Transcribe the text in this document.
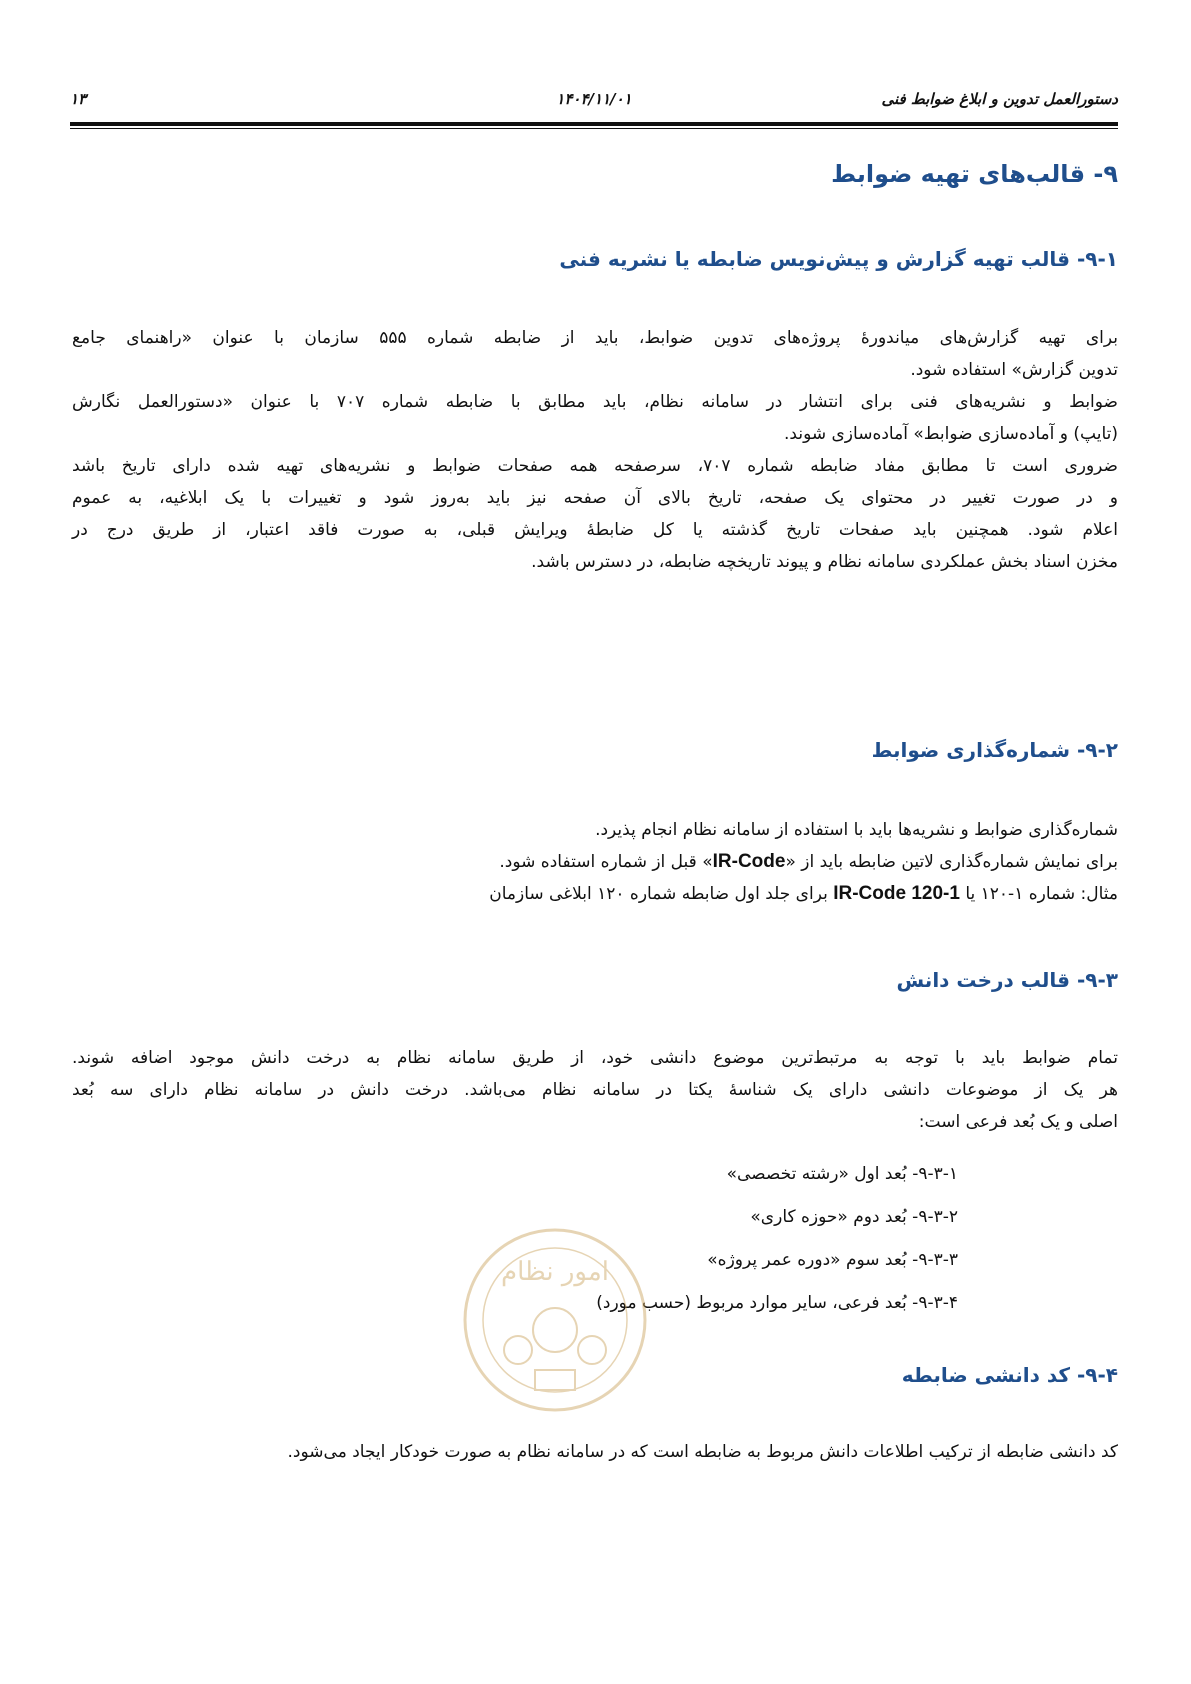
دستورالعمل تدوین و ابلاغ ضوابط فنی
۱۴۰۴/۱۱/۰۱
۱۳
۹- قالب‌های تهیه ضوابط
۹-۱- قالب تهیه گزارش و پیش‌نویس ضابطه یا نشریه فنی
برای تهیه گزارش‌های میاندورهٔ پروژه‌های تدوین ضوابط، باید از ضابطه شماره ۵۵۵ سازمان با عنوان «راهنمای جامع
تدوین گزارش» استفاده شود.
ضوابط و نشریه‌های فنی برای انتشار در سامانه نظام، باید مطابق با ضابطه شماره ۷۰۷ با عنوان «دستورالعمل نگارش
(تایپ) و آماده‌سازی ضوابط» آماده‌سازی شوند.
ضروری است تا مطابق مفاد ضابطه شماره ۷۰۷، سرصفحه همه صفحات ضوابط و نشریه‌های تهیه شده دارای تاریخ باشد
و در صورت تغییر در محتوای یک صفحه، تاریخ بالای آن صفحه نیز باید به‌روز شود و تغییرات با یک ابلاغیه، به عموم
اعلام شود. همچنین باید صفحات تاریخ گذشته یا کل ضابطهٔ ویرایش قبلی، به صورت فاقد اعتبار، از طریق درج در
مخزن اسناد بخش عملکردی سامانه نظام و پیوند تاریخچه ضابطه، در دسترس باشد.
۹-۲- شماره‌گذاری ضوابط
شماره‌گذاری ضوابط و نشریه‌ها باید با استفاده از سامانه نظام انجام پذیرد.
برای نمایش شماره‌گذاری لاتین ضابطه باید از «IR-Code» قبل از شماره استفاده شود.
مثال: شماره ۱-۱۲۰ یا IR-Code 120-1 برای جلد اول ضابطه شماره ۱۲۰ ابلاغی سازمان
۹-۳- قالب درخت دانش
تمام ضوابط باید با توجه به مرتبط‌ترین موضوع دانشی خود، از طریق سامانه نظام به درخت دانش موجود اضافه شوند.
هر یک از موضوعات دانشی دارای یک شناسهٔ یکتا در سامانه نظام می‌باشد. درخت دانش در سامانه نظام دارای سه بُعد
اصلی و یک بُعد فرعی است:
۹-۳-۱- بُعد اول «رشته تخصصی»
۹-۳-۲- بُعد دوم «حوزه کاری»
۹-۳-۳- بُعد سوم «دوره عمر پروژه»
۹-۳-۴- بُعد فرعی، سایر موارد مربوط (حسب مورد)
امور نظام
۹-۴- کد دانشی ضابطه
کد دانشی ضابطه از ترکیب اطلاعات دانش مربوط به ضابطه است که در سامانه نظام به صورت خودکار ایجاد می‌شود.
